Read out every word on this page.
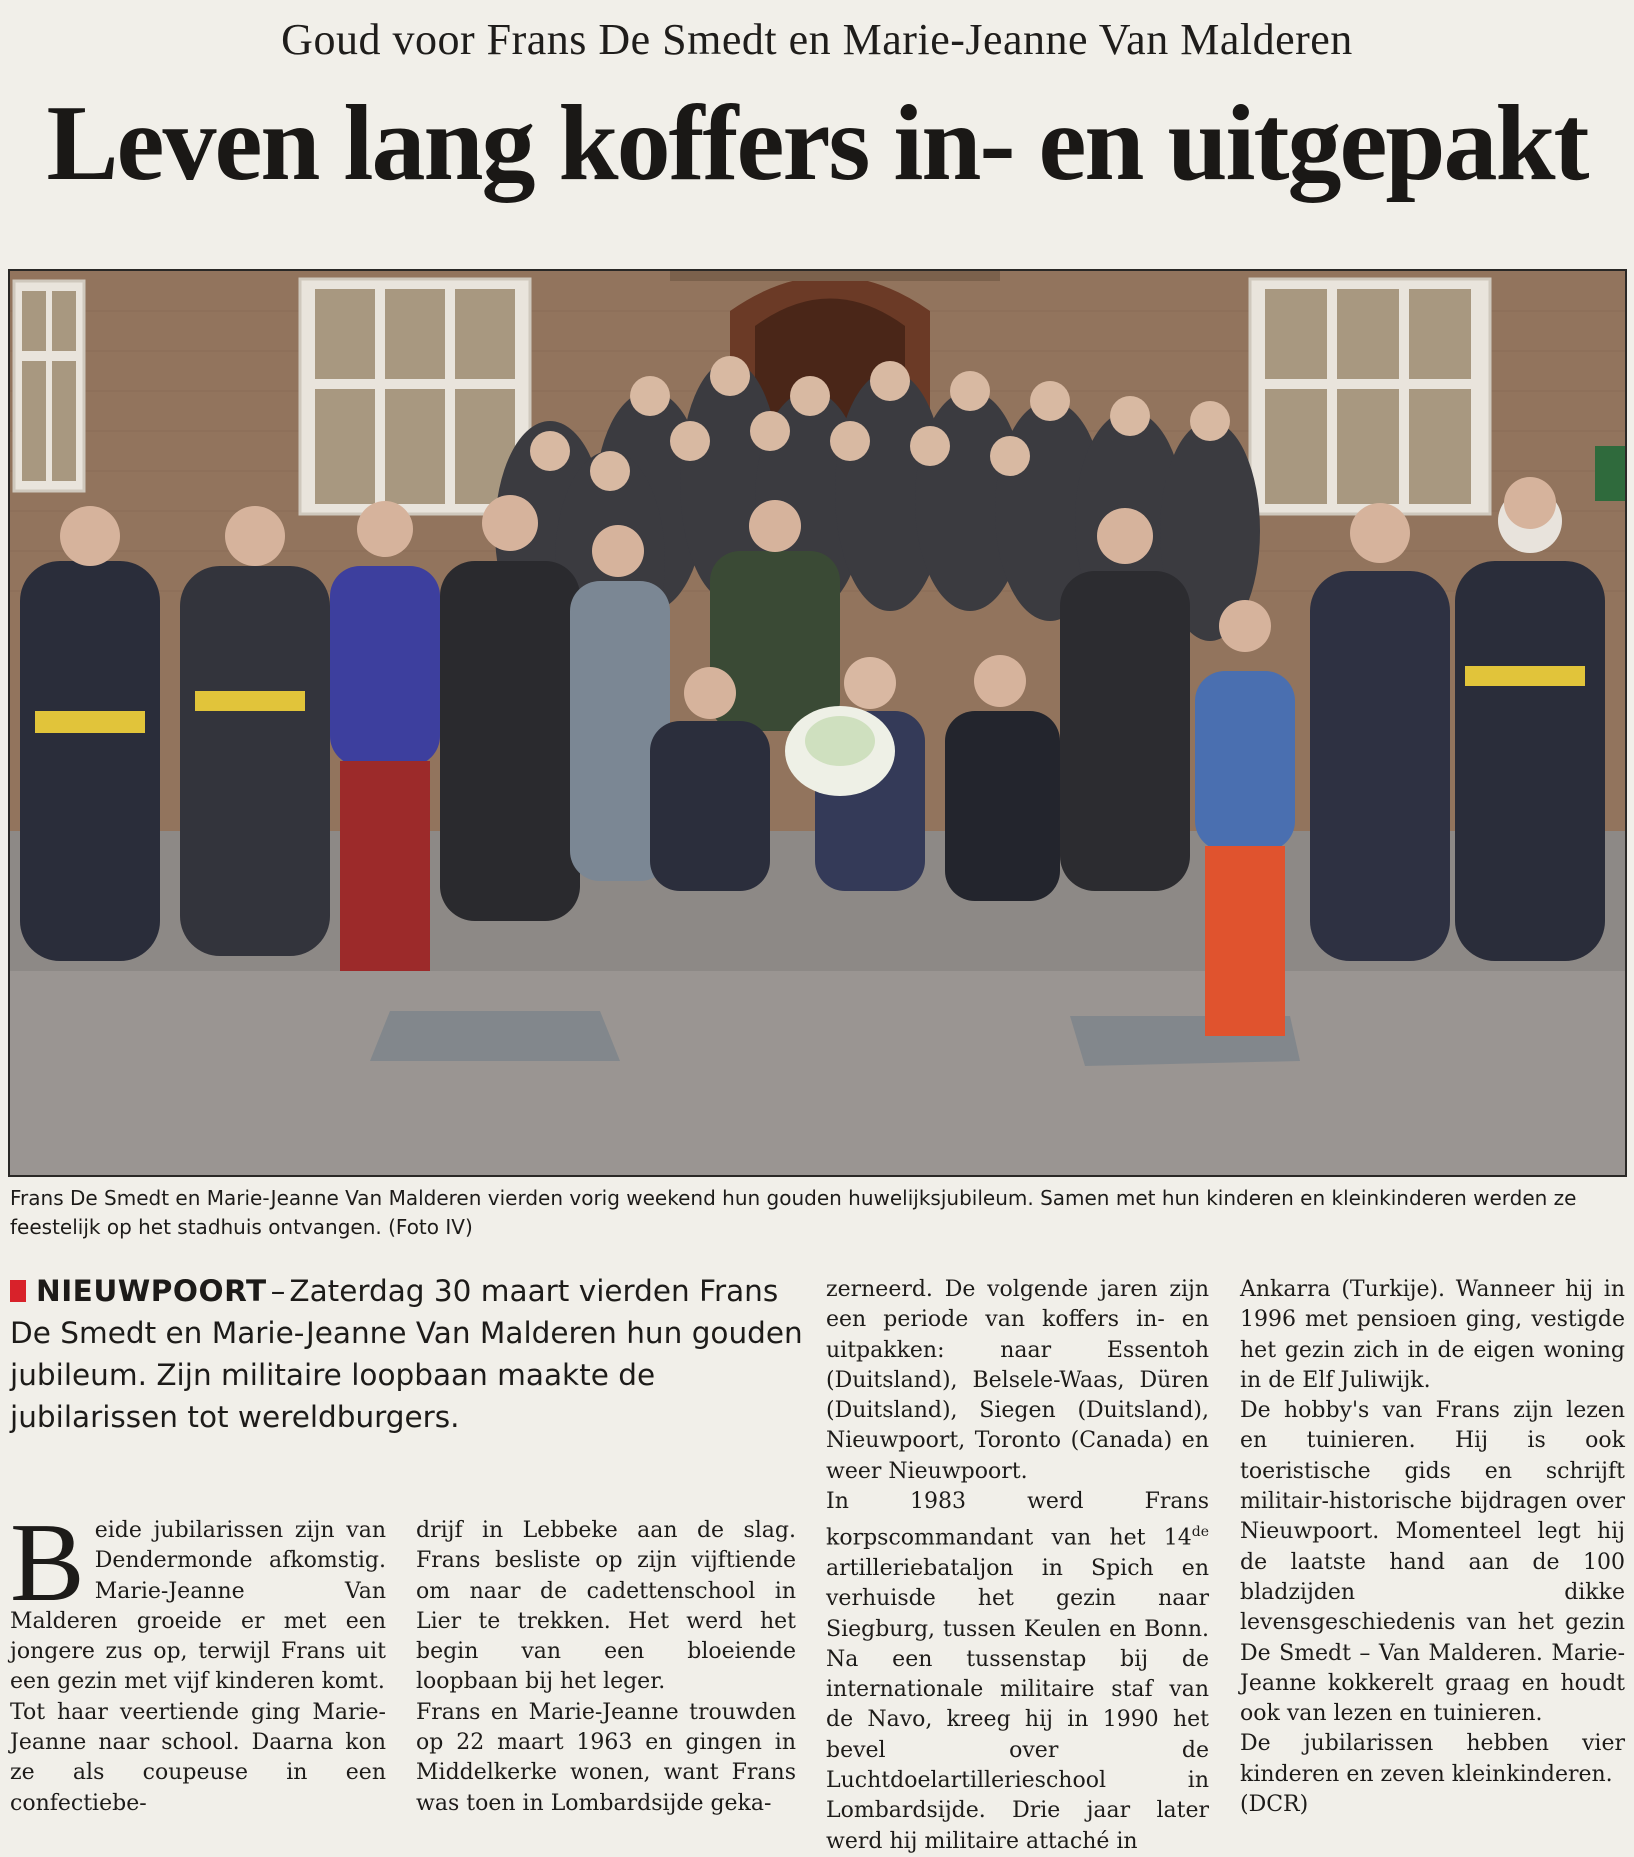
Goud voor Frans De Smedt en Marie-Jeanne Van Malderen
Leven lang koffers in- en uitgepakt
Frans De Smedt en Marie-Jeanne Van Malderen vierden vorig weekend hun gouden huwelijksjubileum. Samen met hun kinderen en kleinkinderen werden ze feestelijk op het stadhuis ontvangen. (Foto IV)
NIEUWPOORT – Zaterdag 30 maart vierden Frans De Smedt en Marie-Jeanne Van Malderen hun gouden jubileum. Zijn militaire loopbaan maakte de jubilarissen tot wereldburgers.

Beide jubilarissen zijn van Dendermonde afkomstig. Marie-Jeanne Van Malderen groeide er met een jongere zus op, terwijl Frans uit een gezin met vijf kinderen komt.

Tot haar veertiende ging Marie-Jeanne naar school. Daarna kon ze als coupeuse in een confectiebe-

drijf in Lebbeke aan de slag. Frans besliste op zijn vijftiende om naar de cadettenschool in Lier te trekken. Het werd het begin van een bloeiende loopbaan bij het leger.

Frans en Marie-Jeanne trouwden op 22 maart 1963 en gingen in Middelkerke wonen, want Frans was toen in Lombardsijde geka-

zerneerd. De volgende jaren zijn een periode van koffers in- en uitpakken: naar Essentoh (Duitsland), Belsele-Waas, Düren (Duitsland), Siegen (Duitsland), Nieuwpoort, Toronto (Canada) en weer Nieuwpoort.

In 1983 werd Frans korpscommandant van het 14de artilleriebataljon in Spich en verhuisde het gezin naar Siegburg, tussen Keulen en Bonn. Na een tussenstap bij de internationale militaire staf van de Navo, kreeg hij in 1990 het bevel over de Luchtdoelartillerieschool in Lombardsijde. Drie jaar later werd hij militaire attaché in

Ankarra (Turkije). Wanneer hij in 1996 met pensioen ging, vestigde het gezin zich in de eigen woning in de Elf Juliwijk.

De hobby's van Frans zijn lezen en tuinieren. Hij is ook toeristische gids en schrijft militair-historische bijdragen over Nieuwpoort. Momenteel legt hij de laatste hand aan de 100 bladzijden dikke levensgeschiedenis van het gezin De Smedt – Van Malderen. Marie-Jeanne kokkerelt graag en houdt ook van lezen en tuinieren.

De jubilarissen hebben vier kinderen en zeven kleinkinderen.

(DCR)
